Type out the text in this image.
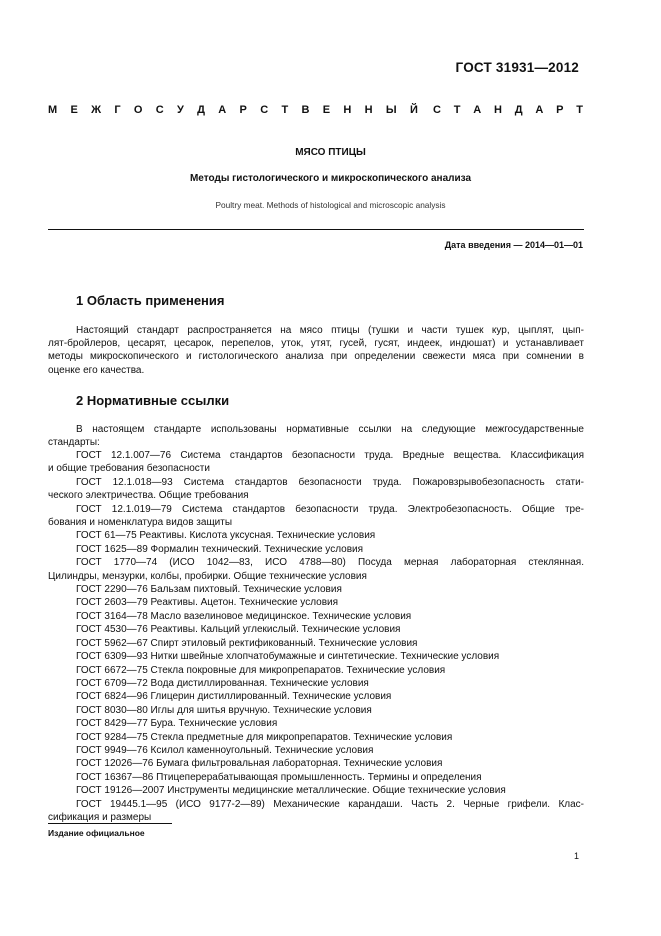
ГОСТ 31931—2012
М Е Ж Г О С У Д А Р С Т В Е Н Н Ы Й С Т А Н Д А Р Т
МЯСО ПТИЦЫ
Методы гистологического и микроскопического анализа
Poultry meat. Methods of histological and microscopic analysis
Дата введения — 2014—01—01
1 Область применения
Настоящий стандарт распространяется на мясо птицы (тушки и части тушек кур, цыплят, цып-
лят-бройлеров, цесарят, цесарок, перепелов, уток, утят, гусей, гусят, индеек, индюшат) и устанавливает
методы микроскопического и гистологического анализа при определении свежести мяса при сомнении в
оценке его качества.
2 Нормативные ссылки
В настоящем стандарте использованы нормативные ссылки на следующие межгосударственные
стандарты:
ГОСТ 12.1.007—76 Система стандартов безопасности труда. Вредные вещества. Классификация
и общие требования безопасности
ГОСТ 12.1.018—93 Система стандартов безопасности труда. Пожаровзрывобезопасность стати-
ческого электричества. Общие требования
ГОСТ 12.1.019—79 Система стандартов безопасности труда. Электробезопасность. Общие тре-
бования и номенклатура видов защиты
ГОСТ 61—75 Реактивы. Кислота уксусная. Технические условия
ГОСТ 1625—89 Формалин технический. Технические условия
ГОСТ 1770—74 (ИСО 1042—83, ИСО 4788—80) Посуда мерная лабораторная стеклянная.
Цилиндры, мензурки, колбы, пробирки. Общие технические условия
ГОСТ 2290—76 Бальзам пихтовый. Технические условия
ГОСТ 2603—79 Реактивы. Ацетон. Технические условия
ГОСТ 3164—78 Масло вазелиновое медицинское. Технические условия
ГОСТ 4530—76 Реактивы. Кальций углекислый. Технические условия
ГОСТ 5962—67 Спирт этиловый ректификованный. Технические условия
ГОСТ 6309—93 Нитки швейные хлопчатобумажные и синтетические. Технические условия
ГОСТ 6672—75 Стекла покровные для микропрепаратов. Технические условия
ГОСТ 6709—72 Вода дистиллированная. Технические условия
ГОСТ 6824—96 Глицерин дистиллированный. Технические условия
ГОСТ 8030—80 Иглы для шитья вручную. Технические условия
ГОСТ 8429—77 Бура. Технические условия
ГОСТ 9284—75 Стекла предметные для микропрепаратов. Технические условия
ГОСТ 9949—76 Ксилол каменноугольный. Технические условия
ГОСТ 12026—76 Бумага фильтровальная лабораторная. Технические условия
ГОСТ 16367—86 Птицеперерабатывающая промышленность. Термины и определения
ГОСТ 19126—2007 Инструменты медицинские металлические. Общие технические условия
ГОСТ 19445.1—95 (ИСО 9177-2—89) Механические карандаши. Часть 2. Черные грифели. Клас-
сификация и размеры
Издание официальное
1
